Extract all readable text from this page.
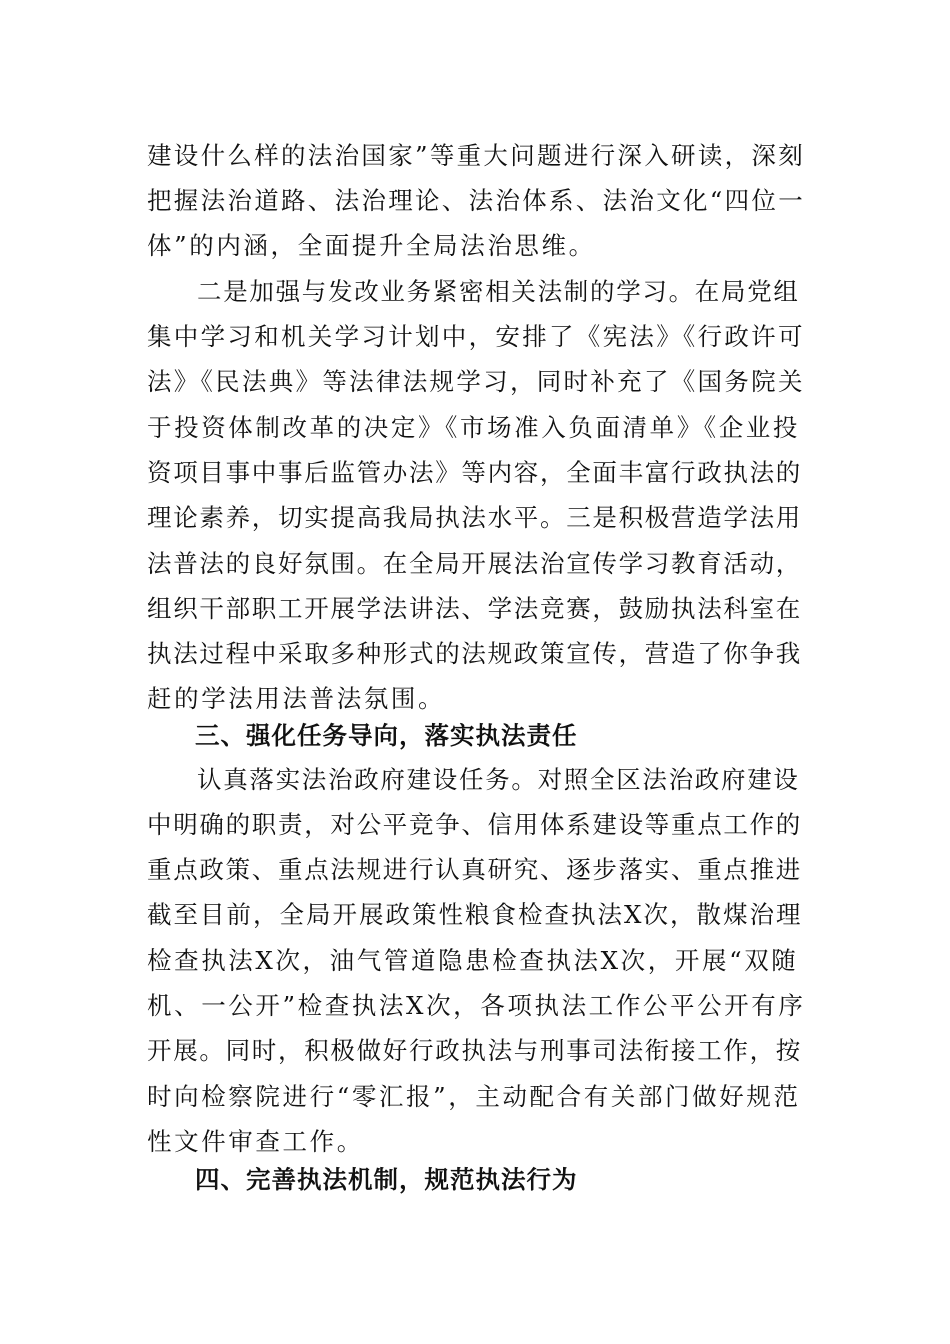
建设什么样的法治国家”等重大问题进行深入研读，深刻
把握法治道路、法治理论、法治体系、法治文化“四位一
体”的内涵，全面提升全局法治思维。
二是加强与发改业务紧密相关法制的学习。在局党组
集中学习和机关学习计划中，安排了《宪法》《行政许可
法》《民法典》等法律法规学习，同时补充了《国务院关
于投资体制改革的决定》《市场准入负面清单》《企业投
资项目事中事后监管办法》等内容，全面丰富行政执法的
理论素养，切实提高我局执法水平。三是积极营造学法用
法普法的良好氛围。在全局开展法治宣传学习教育活动，
组织干部职工开展学法讲法、学法竞赛，鼓励执法科室在
执法过程中采取多种形式的法规政策宣传，营造了你争我
赶的学法用法普法氛围。
三、强化任务导向，落实执法责任
认真落实法治政府建设任务。对照全区法治政府建设
中明确的职责，对公平竞争、信用体系建设等重点工作的
重点政策、重点法规进行认真研究、逐步落实、重点推进
截至目前，全局开展政策性粮食检查执法X次，散煤治理
检查执法X次，油气管道隐患检查执法X次，开展“双随
机、一公开”检查执法X次，各项执法工作公平公开有序
开展。同时，积极做好行政执法与刑事司法衔接工作，按
时向检察院进行“零汇报”，主动配合有关部门做好规范
性文件审查工作。
四、完善执法机制，规范执法行为
